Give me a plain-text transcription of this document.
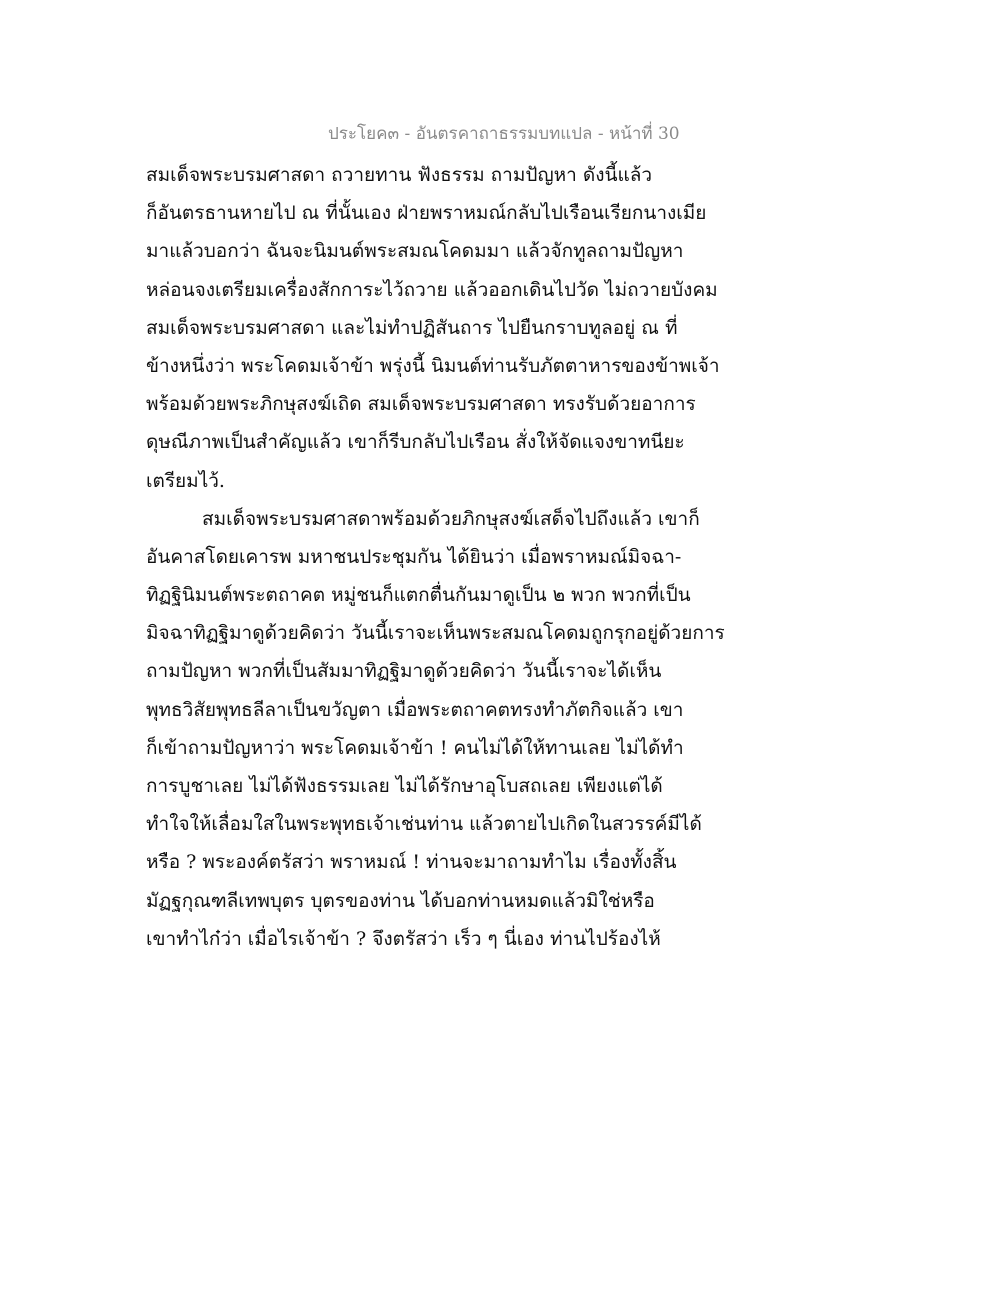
ประโยค๓ - อันตรคาถาธรรมบทแปล - หน้าที่ 30
สมเด็จพระบรมศาสดา ถวายทาน ฟังธรรม ถามปัญหา ดังนี้แล้ว
ก็อันตรธานหายไป ณ ที่นั้นเอง ฝ่ายพราหมณ์กลับไปเรือนเรียกนางเมีย
มาแล้วบอกว่า ฉันจะนิมนต์พระสมณโคดมมา แล้วจักทูลถามปัญหา
หล่อนจงเตรียมเครื่องสักการะไว้ถวาย แล้วออกเดินไปวัด ไม่ถวายบังคม
สมเด็จพระบรมศาสดา และไม่ทำปฏิสันถาร ไปยืนกราบทูลอยู่ ณ ที่
ข้างหนึ่งว่า พระโคดมเจ้าข้า พรุ่งนี้ นิมนต์ท่านรับภัตตาหารของข้าพเจ้า
พร้อมด้วยพระภิกษุสงฆ์เถิด สมเด็จพระบรมศาสดา ทรงรับด้วยอาการ
ดุษณีภาพเป็นสำคัญแล้ว เขาก็รีบกลับไปเรือน สั่งให้จัดแจงขาทนียะ
เตรียมไว้.
สมเด็จพระบรมศาสดาพร้อมด้วยภิกษุสงฆ์เสด็จไปถึงแล้ว เขาก็
อันคาสโดยเคารพ มหาชนประชุมกัน ได้ยินว่า เมื่อพราหมณ์มิจฉา-
ทิฏฐินิมนต์พระตถาคต หมู่ชนก็แตกตื่นกันมาดูเป็น ๒ พวก พวกที่เป็น
มิจฉาทิฏฐิมาดูด้วยคิดว่า วันนี้เราจะเห็นพระสมณโคดมถูกรุกอยู่ด้วยการ
ถามปัญหา พวกที่เป็นสัมมาทิฏฐิมาดูด้วยคิดว่า วันนี้เราจะได้เห็น
พุทธวิสัยพุทธลีลาเป็นขวัญตา เมื่อพระตถาคตทรงทำภัตกิจแล้ว เขา
ก็เข้าถามปัญหาว่า พระโคดมเจ้าข้า ! คนไม่ได้ให้ทานเลย ไม่ได้ทำ
การบูชาเลย ไม่ได้ฟังธรรมเลย ไม่ได้รักษาอุโบสถเลย เพียงแต่ได้
ทำใจให้เลื่อมใสในพระพุทธเจ้าเช่นท่าน แล้วตายไปเกิดในสวรรค์มีได้
หรือ ? พระองค์ตรัสว่า พราหมณ์ ! ท่านจะมาถามทำไม เรื่องทั้งสิ้น
มัฏฐกุณฑลีเทพบุตร บุตรของท่าน ได้บอกท่านหมดแล้วมิใช่หรือ
เขาทำไก๋ว่า เมื่อไรเจ้าข้า ? จึงตรัสว่า เร็ว ๆ นี่เอง ท่านไปร้องไห้
